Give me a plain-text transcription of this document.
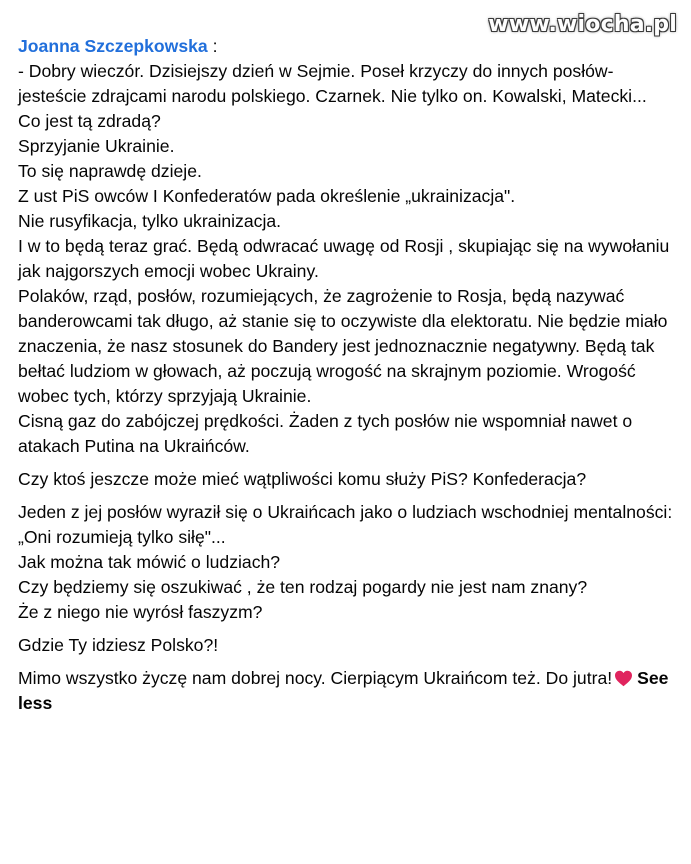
www.wiocha.pl

Joanna Szczepkowska :
- Dobry wieczór. Dzisiejszy dzień w Sejmie. Poseł krzyczy do innych posłów- jesteście zdrajcami narodu polskiego. Czarnek. Nie tylko on. Kowalski, Matecki...
Co jest tą zdradą?
Sprzyjanie Ukrainie.
To się naprawdę dzieje.
Z ust PiS owców I Konfederatów pada określenie „ukrainizacja".
Nie rusyfikacja, tylko ukrainizacja.
I w to będą teraz grać. Będą odwracać uwagę od Rosji , skupiając się na wywołaniu jak najgorszych emocji wobec Ukrainy.
Polaków, rząd, posłów, rozumiejących, że zagrożenie to Rosja, będą nazywać banderowcami tak długo, aż stanie się to oczywiste dla elektoratu. Nie będzie miało znaczenia, że nasz stosunek do Bandery jest jednoznacznie negatywny. Będą tak bełtać ludziom w głowach, aż poczują wrogość na skrajnym poziomie. Wrogość wobec tych, którzy sprzyjają Ukrainie.
Cisną gaz do zabójczej prędkości. Żaden z tych posłów nie wspomniał nawet o atakach Putina na Ukraińców.

Czy ktoś jeszcze może mieć wątpliwości komu służy PiS? Konfederacja?

Jeden z jej posłów wyraził się o Ukraińcach jako o ludziach wschodniej mentalności: „Oni rozumieją tylko siłę"...
Jak można tak mówić o ludziach?
Czy będziemy się oszukiwać , że ten rodzaj pogardy nie jest nam znany?
Że z niego nie wyrósł faszyzm?

Gdzie Ty idziesz Polsko?!

Mimo wszystko życzę nam dobrej nocy. Cierpiącym Ukraińcom też. Do jutra! See less
